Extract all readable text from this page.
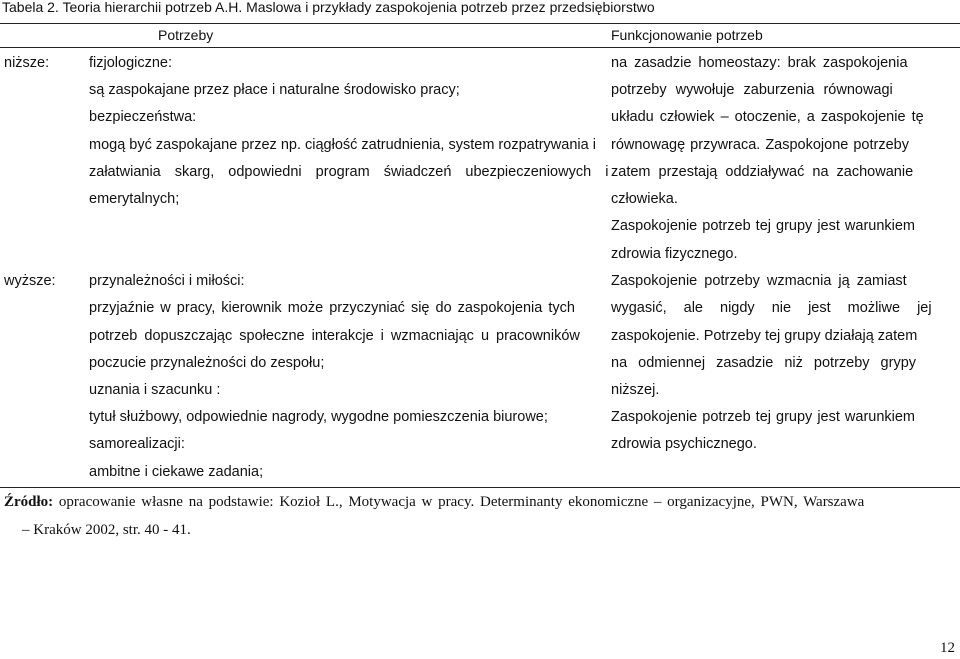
Tabela 2. Teoria hierarchii potrzeb A.H. Maslowa i przykłady zaspokojenia potrzeb przez przedsiębiorstwo
Potrzeby	Funkcjonowanie potrzeb
niższe:	fizjologiczne:
są zaspokajane przez płace i naturalne środowisko pracy;
bezpieczeństwa:
mogą być zaspokajane przez np. ciągłość zatrudnienia, system rozpatrywania i
załatwiania skarg, odpowiedni program świadczeń ubezpieczeniowych i
emerytalnych;
na zasadzie homeostazy: brak zaspokojenia
potrzeby wywołuje zaburzenia równowagi
układu człowiek – otoczenie, a zaspokojenie tę
równowagę przywraca. Zaspokojone potrzeby
zatem przestają oddziaływać na zachowanie
człowieka.
Zaspokojenie potrzeb tej grupy jest warunkiem
zdrowia fizycznego.
wyższe: przynależności i miłości:
przyjaźnie w pracy, kierownik może przyczyniać się do zaspokojenia tych
potrzeb dopuszczając społeczne interakcje i wzmacniając u pracowników
poczucie przynależności do zespołu;
uznania i szacunku :
tytuł służbowy, odpowiednie nagrody, wygodne pomieszczenia biurowe;
samorealizacji:
ambitne i ciekawe zadania;
Zaspokojenie potrzeby wzmacnia ją zamiast
wygasić, ale nigdy nie jest możliwe jej
zaspokojenie. Potrzeby tej grupy działają zatem
na odmiennej zasadzie niż potrzeby grypy
niższej.
Zaspokojenie potrzeb tej grupy jest warunkiem
zdrowia psychicznego.
Źródło: opracowanie własne na podstawie: Kozioł L., Motywacja w pracy. Determinanty ekonomiczne – organizacyjne, PWN, Warszawa
– Kraków 2002, str. 40 - 41.
12
